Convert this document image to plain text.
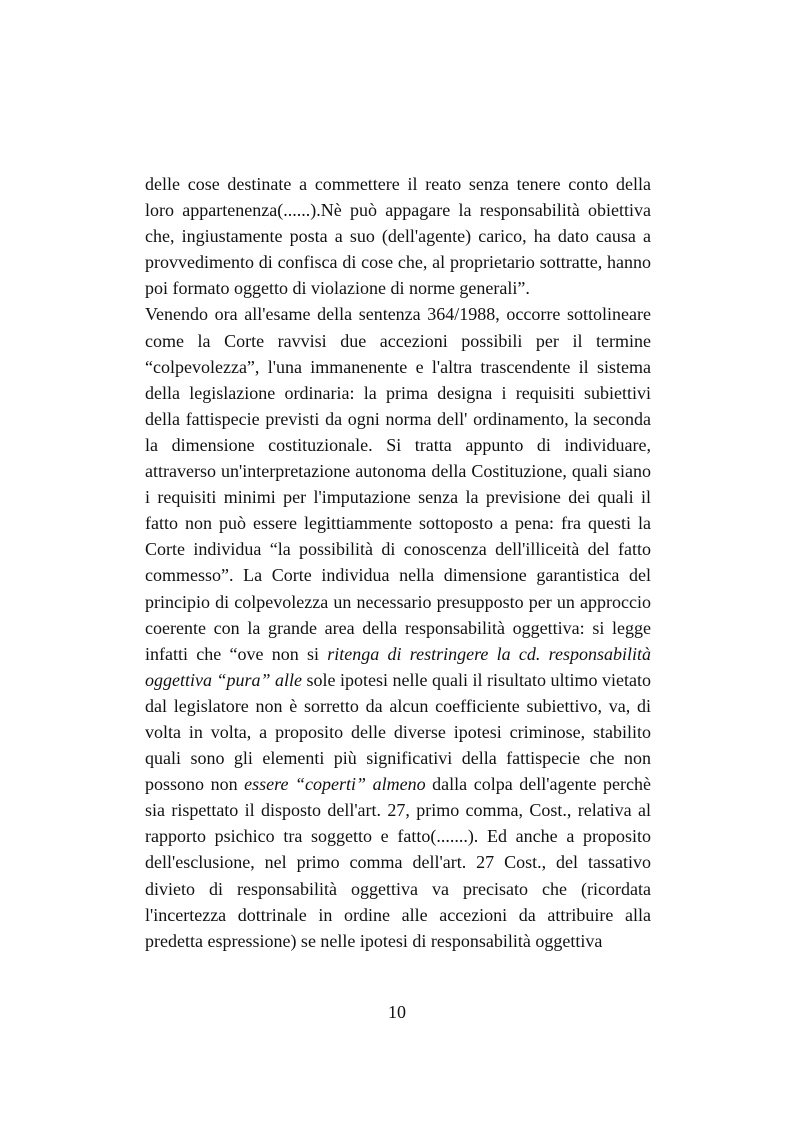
delle cose destinate a commettere il reato senza tenere conto della loro appartenenza(......).Nè può appagare la responsabilità obiettiva che, ingiustamente posta a suo (dell'agente) carico, ha dato causa a provvedimento di confisca di cose che, al proprietario sottratte, hanno poi formato oggetto di violazione di norme generali”.

Venendo ora all'esame della sentenza 364/1988, occorre sottolineare come la Corte ravvisi due accezioni possibili per il termine “colpevolezza”, l'una immanenente e l'altra trascendente il sistema della legislazione ordinaria: la prima designa i requisiti subiettivi della fattispecie previsti da ogni norma dell' ordinamento, la seconda la dimensione costituzionale. Si tratta appunto di individuare, attraverso un'interpretazione autonoma della Costituzione, quali siano i requisiti minimi per l'imputazione senza la previsione dei quali il fatto non può essere legittiammente sottoposto a pena: fra questi la Corte individua “la possibilità di conoscenza dell'illiceità del fatto commesso”. La Corte individua nella dimensione garantistica del principio di colpevolezza un necessario presupposto per un approccio coerente con la grande area della responsabilità oggettiva: si legge infatti che “ove non si ritenga di restringere la cd. responsabilità oggettiva “pura” alle sole ipotesi nelle quali il risultato ultimo vietato dal legislatore non è sorretto da alcun coefficiente subiettivo, va, di volta in volta, a proposito delle diverse ipotesi criminose, stabilito quali sono gli elementi più significativi della fattispecie che non possono non essere “coperti” almeno dalla colpa dell'agente perchè sia rispettato il disposto dell'art. 27, primo comma, Cost., relativa al rapporto psichico tra soggetto e fatto(.......). Ed anche a proposito dell'esclusione, nel primo comma dell'art. 27 Cost., del tassativo divieto di responsabilità oggettiva va precisato che (ricordata l'incertezza dottrinale in ordine alle accezioni da attribuire alla predetta espressione) se nelle ipotesi di responsabilità oggettiva

10
